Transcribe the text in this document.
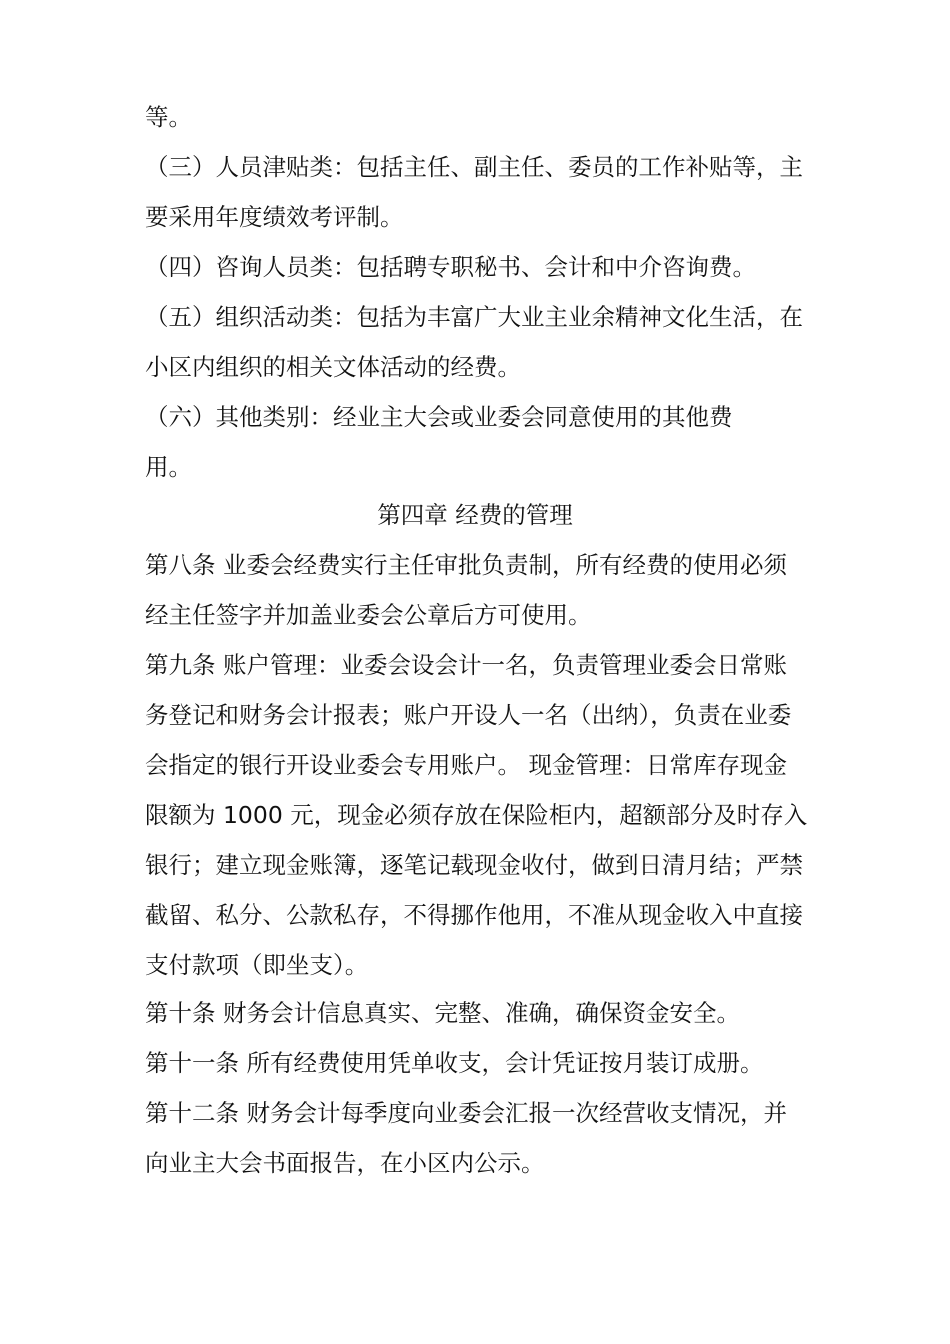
等。
（三）人员津贴类：包括主任、副主任、委员的工作补贴等，主
要采用年度绩效考评制。
（四）咨询人员类：包括聘专职秘书、会计和中介咨询费。
（五）组织活动类：包括为丰富广大业主业余精神文化生活，在
小区内组织的相关文体活动的经费。
（六）其他类别：经业主大会或业委会同意使用的其他费
用。
第四章 经费的管理
第八条 业委会经费实行主任审批负责制，所有经费的使用必须
经主任签字并加盖业委会公章后方可使用。
第九条 账户管理：业委会设会计一名，负责管理业委会日常账
务登记和财务会计报表；账户开设人一名（出纳），负责在业委
会指定的银行开设业委会专用账户。 现金管理：日常库存现金
限额为 1000 元，现金必须存放在保险柜内，超额部分及时存入
银行；建立现金账簿，逐笔记载现金收付，做到日清月结；严禁
截留、私分、公款私存，不得挪作他用，不准从现金收入中直接
支付款项（即坐支）。
第十条 财务会计信息真实、完整、准确，确保资金安全。
第十一条 所有经费使用凭单收支，会计凭证按月装订成册。
第十二条 财务会计每季度向业委会汇报一次经营收支情况，并
向业主大会书面报告，在小区内公示。
